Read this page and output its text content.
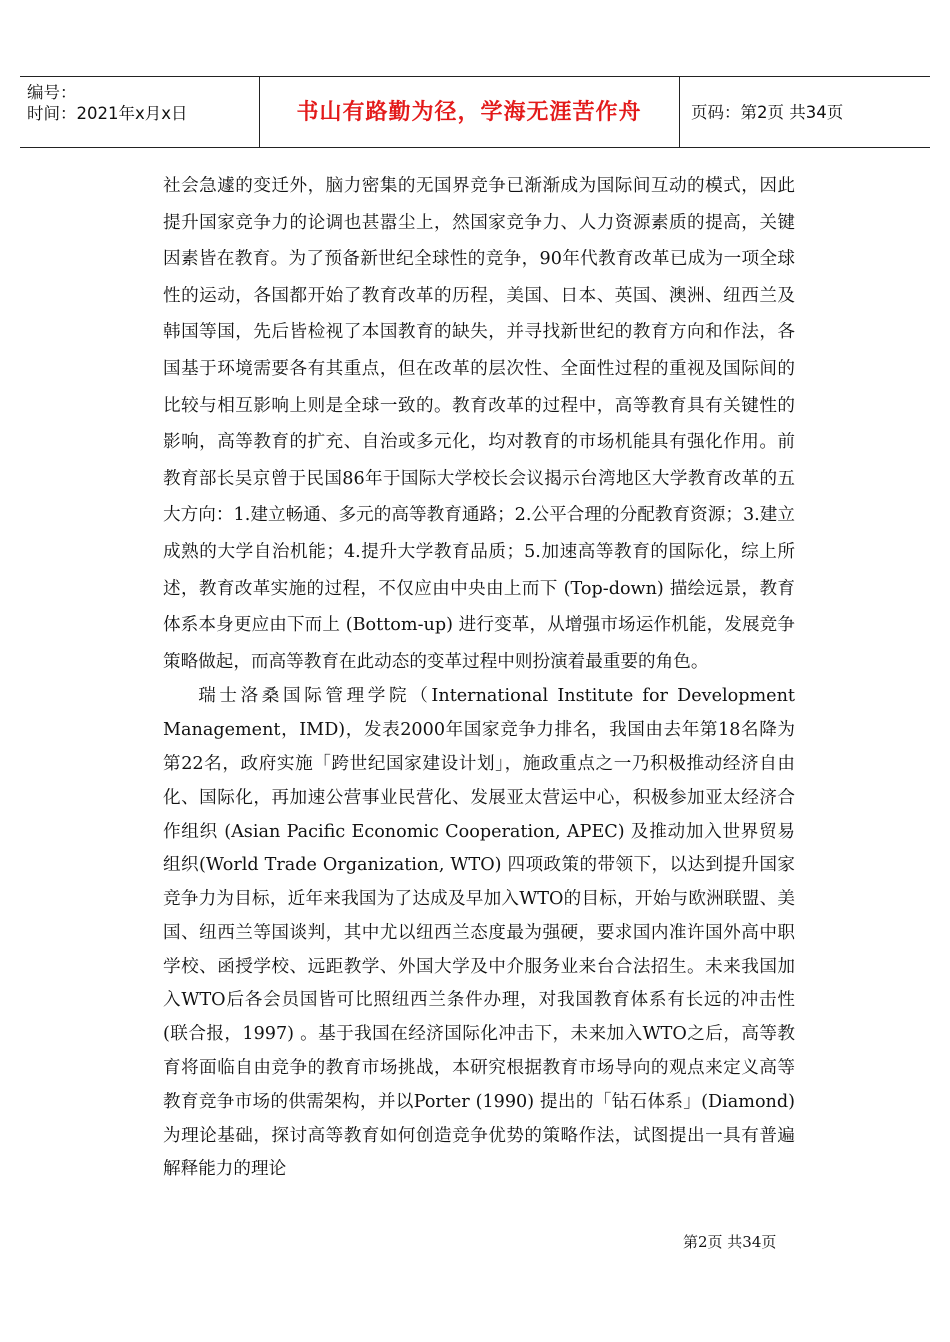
编号：
时间：2021年x月x日	书山有路勤为径，学海无涯苦作舟	页码：第2页 共34页

社会急遽的变迁外，脑力密集的无国界竞争已渐渐成为国际间互动的模式，因此提升国家竞争力的论调也甚嚣尘上，然国家竞争力、人力资源素质的提高，关键因素皆在教育。为了预备新世纪全球性的竞争，90年代教育改革已成为一项全球性的运动，各国都开始了教育改革的历程，美国、日本、英国、澳洲、纽西兰及韩国等国，先后皆检视了本国教育的缺失，并寻找新世纪的教育方向和作法，各国基于环境需要各有其重点，但在改革的层次性、全面性过程的重视及国际间的比较与相互影响上则是全球一致的。教育改革的过程中，高等教育具有关键性的影响，高等教育的扩充、自治或多元化，均对教育的市场机能具有强化作用。前教育部长吴京曾于民国86年于国际大学校长会议揭示台湾地区大学教育改革的五大方向：1.建立畅通、多元的高等教育通路；2.公平合理的分配教育资源；3.建立成熟的大学自治机能；4.提升大学教育品质；5.加速高等教育的国际化，综上所述，教育改革实施的过程，不仅应由中央由上而下 (Top-down) 描绘远景，教育体系本身更应由下而上 (Bottom-up) 进行变革，从增强市场运作机能，发展竞争策略做起，而高等教育在此动态的变革过程中则扮演着最重要的角色。

瑞士洛桑国际管理学院（International Institute for Development Management，IMD)，发表2000年国家竞争力排名，我国由去年第18名降为第22名，政府实施「跨世纪国家建设计划」，施政重点之一乃积极推动经济自由化、国际化，再加速公营事业民营化、发展亚太营运中心，积极参加亚太经济合作组织 (Asian Pacific Economic Cooperation, APEC) 及推动加入世界贸易组织(World Trade Organization, WTO) 四项政策的带领下，以达到提升国家竞争力为目标，近年来我国为了达成及早加入WTO的目标，开始与欧洲联盟、美国、纽西兰等国谈判，其中尤以纽西兰态度最为强硬，要求国内准许国外高中职学校、函授学校、远距教学、外国大学及中介服务业来台合法招生。未来我国加入WTO后各会员国皆可比照纽西兰条件办理，对我国教育体系有长远的冲击性 (联合报，1997) 。基于我国在经济国际化冲击下，未来加入WTO之后，高等教育将面临自由竞争的教育市场挑战，本研究根据教育市场导向的观点来定义高等教育竞争市场的供需架构，并以Porter (1990) 提出的「钻石体系」(Diamond) 为理论基础，探讨高等教育如何创造竞争优势的策略作法，试图提出一具有普遍解释能力的理论

第2页 共34页
